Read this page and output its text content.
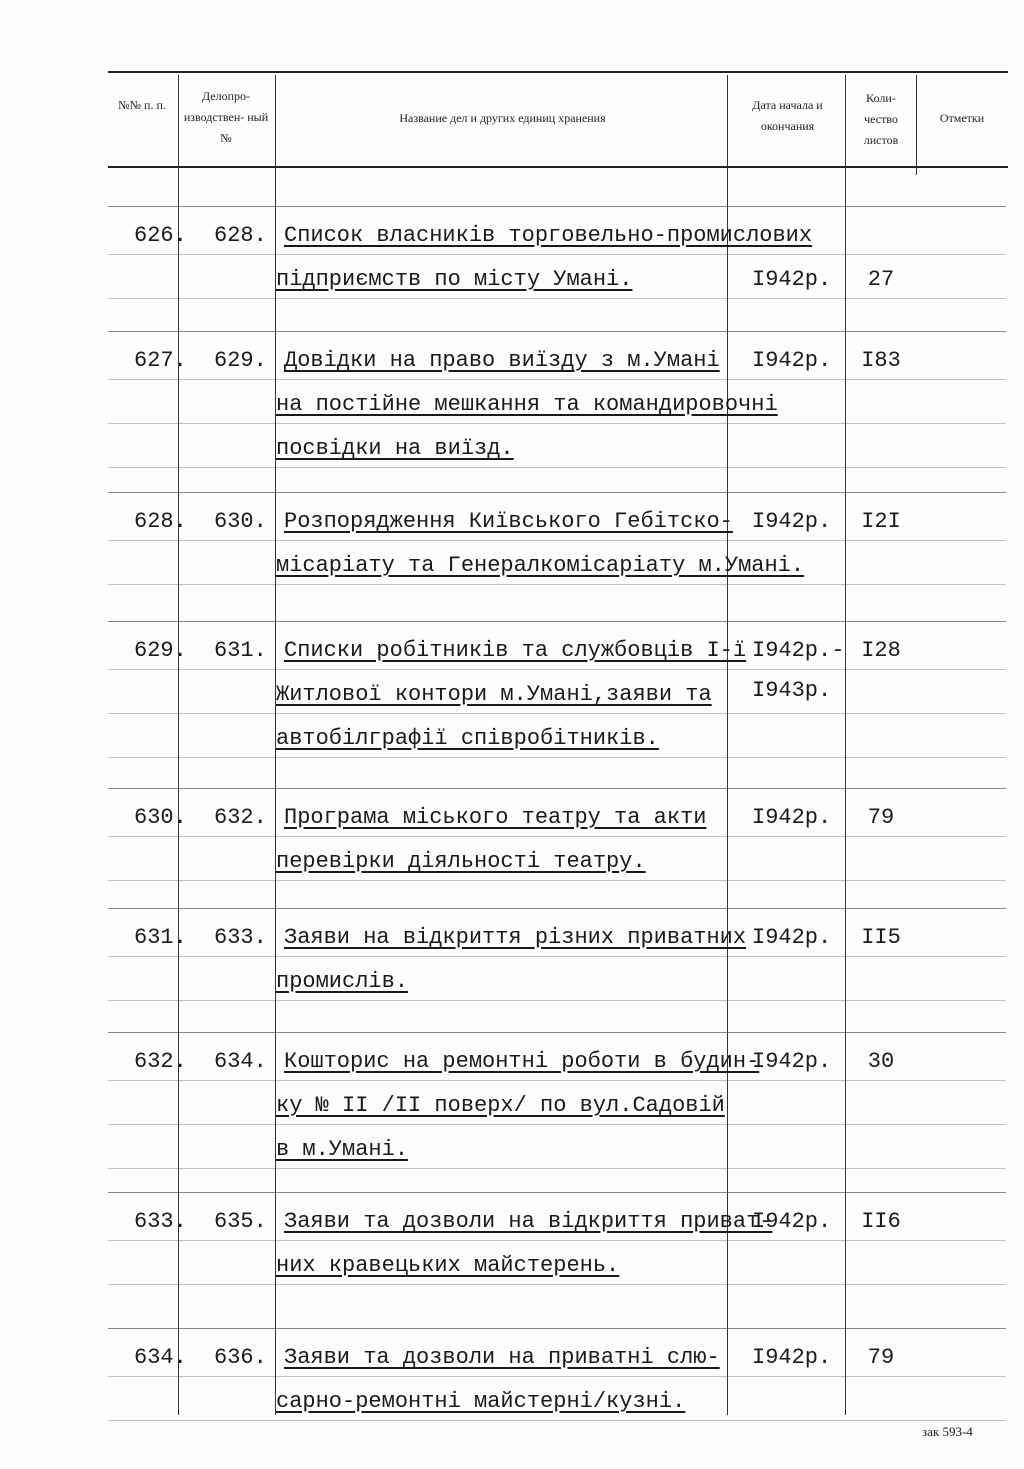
№№ п. п.
Делопро- изводствен- ный №
Название дел и других единиц хранения
Дата начала и окончания
Коли- чество листов
Отметки
626. 628. Список власників торговельно-промислових
підприємств по місту Умані.	I942р.	27
627. 629. Довідки на право виїзду з м.Умані
на постійне мешкання та командировочні
посвідки на виїзд.
I942р. I83
628. 630. Розпорядження Київського Гебітско-
місаріату та Генералкомісаріату м.Умані.
I942р. I2I
629. 631. Списки робітників та службовців І-ї
Житлової контори м.Умані,заяви та
автобілграфії співробітників.
I942р.-
I943р.
I28
630. 632. Програма міського театру та акти
перевірки діяльності театру.
I942р.	79
631. 633. Заяви на відкриття різних приватних
промислів.
I942р. II5
632. 634. Кошторис на ремонтні роботи в будин-
ку № II /II поверх/ по вул.Садовій
в м.Умані.
I942р.	30
633. 635. Заяви та дозволи на відкриття приват-
них кравецьких майстерень.
I942р. II6
634. 636. Заяви та дозволи на приватні слю-
сарно-ремонтні майстерні/кузні.
I942р.	79
зак 593-4
